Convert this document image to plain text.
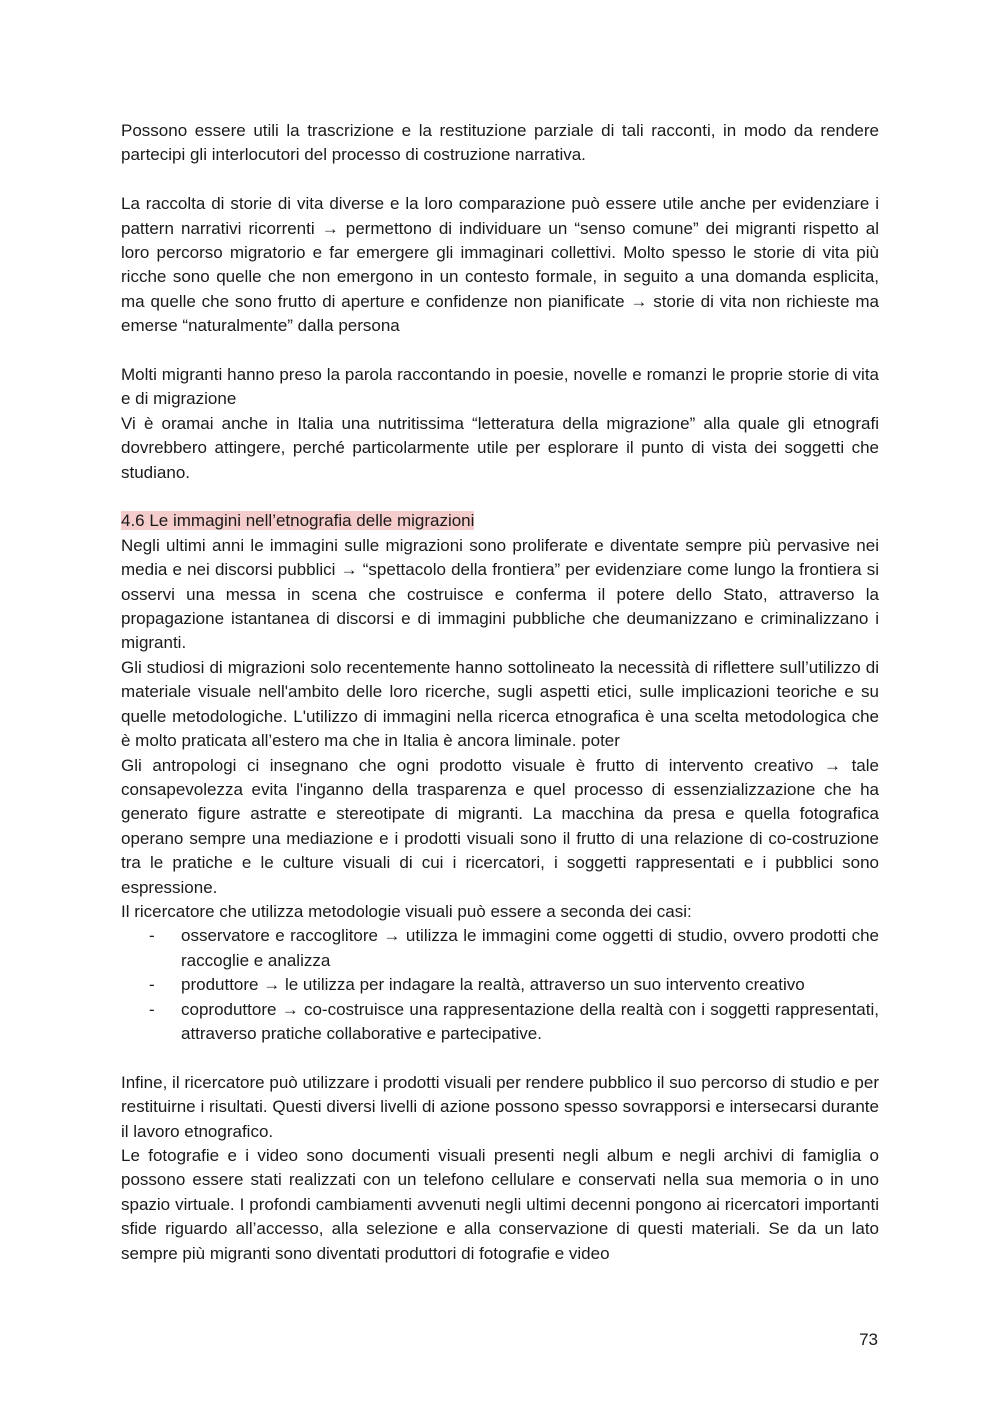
Possono essere utili la trascrizione e la restituzione parziale di tali racconti, in modo da rendere partecipi gli interlocutori del processo di costruzione narrativa.

La raccolta di storie di vita diverse e la loro comparazione può essere utile anche per evidenziare i pattern narrativi ricorrenti → permettono di individuare un “senso comune” dei migranti rispetto al loro percorso migratorio e far emergere gli immaginari collettivi. Molto spesso le storie di vita più ricche sono quelle che non emergono in un contesto formale, in seguito a una domanda esplicita, ma quelle che sono frutto di aperture e confidenze non pianificate → storie di vita non richieste ma emerse “naturalmente” dalla persona

Molti migranti hanno preso la parola raccontando in poesie, novelle e romanzi le proprie storie di vita e di migrazione

Vi è oramai anche in Italia una nutritissima “letteratura della migrazione” alla quale gli etnografi dovrebbero attingere, perché particolarmente utile per esplorare il punto di vista dei soggetti che studiano.

4.6 Le immagini nell’etnografia delle migrazioni

Negli ultimi anni le immagini sulle migrazioni sono proliferate e diventate sempre più pervasive nei media e nei discorsi pubblici → “spettacolo della frontiera” per evidenziare come lungo la frontiera si osservi una messa in scena che costruisce e conferma il potere dello Stato, attraverso la propagazione istantanea di discorsi e di immagini pubbliche che deumanizzano e criminalizzano i migranti.

Gli studiosi di migrazioni solo recentemente hanno sottolineato la necessità di riflettere sull’utilizzo di materiale visuale nell'ambito delle loro ricerche, sugli aspetti etici, sulle implicazioni teoriche e su quelle metodologiche. L'utilizzo di immagini nella ricerca etnografica è una scelta metodologica che è molto praticata all’estero ma che in Italia è ancora liminale. poter

Gli antropologi ci insegnano che ogni prodotto visuale è frutto di intervento creativo → tale consapevolezza evita l'inganno della trasparenza e quel processo di essenzializzazione che ha generato figure astratte e stereotipate di migranti. La macchina da presa e quella fotografica operano sempre una mediazione e i prodotti visuali sono il frutto di una relazione di co-costruzione tra le pratiche e le culture visuali di cui i ricercatori, i soggetti rappresentati e i pubblici sono espressione.

Il ricercatore che utilizza metodologie visuali può essere a seconda dei casi:

- osservatore e raccoglitore → utilizza le immagini come oggetti di studio, ovvero prodotti che raccoglie e analizza
- produttore → le utilizza per indagare la realtà, attraverso un suo intervento creativo
- coproduttore → co-costruisce una rappresentazione della realtà con i soggetti rappresentati, attraverso pratiche collaborative e partecipative.

Infine, il ricercatore può utilizzare i prodotti visuali per rendere pubblico il suo percorso di studio e per restituirne i risultati. Questi diversi livelli di azione possono spesso sovrapporsi e intersecarsi durante il lavoro etnografico.

Le fotografie e i video sono documenti visuali presenti negli album e negli archivi di famiglia o possono essere stati realizzati con un telefono cellulare e conservati nella sua memoria o in uno spazio virtuale. I profondi cambiamenti avvenuti negli ultimi decenni pongono ai ricercatori importanti sfide riguardo all’accesso, alla selezione e alla conservazione di questi materiali. Se da un lato sempre più migranti sono diventati produttori di fotografie e video

73
